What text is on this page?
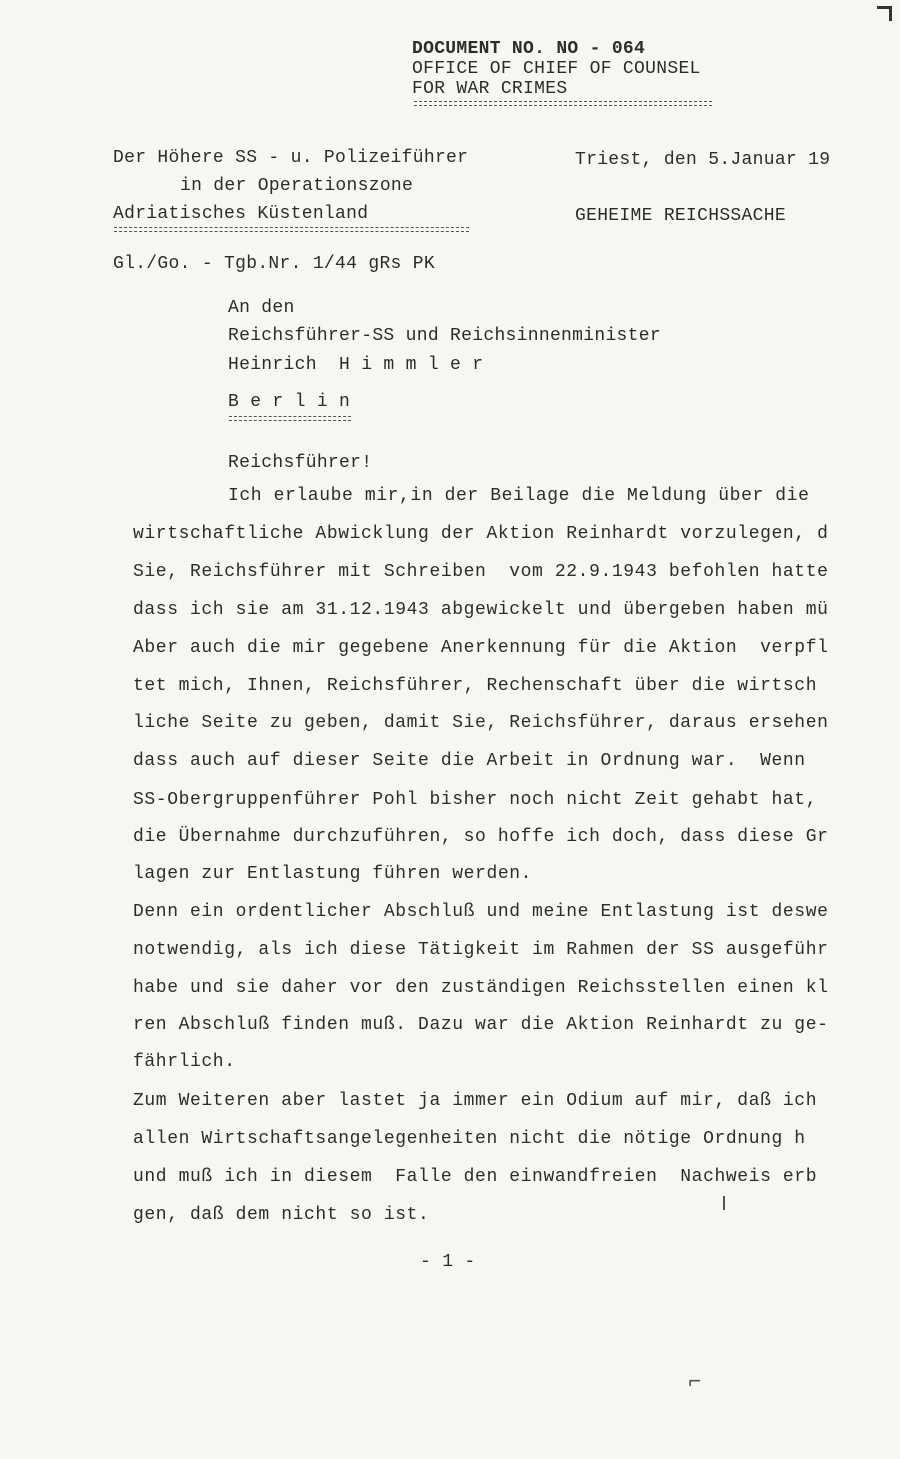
DOCUMENT NO. NO - 064
OFFICE OF CHIEF OF COUNSEL
FOR WAR CRIMES
Der Höhere SS - u. Polizeiführer
in der Operationszone
Adriatisches Küstenland
Triest, den 5.Januar 19
GEHEIME REICHSSACHE
Gl./Go. - Tgb.Nr. 1/44 gRs PK
An den
Reichsführer-SS und Reichsinnenminister
Heinrich  H i m m l e r
B e r l i n
Reichsführer!
Ich erlaube mir,in der Beilage die Meldung über die
wirtschaftliche Abwicklung der Aktion Reinhardt vorzulegen, d
Sie, Reichsführer mit Schreiben  vom 22.9.1943 befohlen hatte
dass ich sie am 31.12.1943 abgewickelt und übergeben haben mü
Aber auch die mir gegebene Anerkennung für die Aktion  verpfl
tet mich, Ihnen, Reichsführer, Rechenschaft über die wirtsch
liche Seite zu geben, damit Sie, Reichsführer, daraus ersehen
dass auch auf dieser Seite die Arbeit in Ordnung war.  Wenn
SS-Obergruppenführer Pohl bisher noch nicht Zeit gehabt hat,
die Übernahme durchzuführen, so hoffe ich doch, dass diese Gr
lagen zur Entlastung führen werden.
Denn ein ordentlicher Abschluß und meine Entlastung ist deswe
notwendig, als ich diese Tätigkeit im Rahmen der SS ausgeführ
habe und sie daher vor den zuständigen Reichsstellen einen kl
ren Abschluß finden muß. Dazu war die Aktion Reinhardt zu ge-
fährlich.
Zum Weiteren aber lastet ja immer ein Odium auf mir, daß ich
allen Wirtschaftsangelegenheiten nicht die nötige Ordnung h
und muß ich in diesem  Falle den einwandfreien  Nachweis erb
gen, daß dem nicht so ist.
- 1 -
⌐
